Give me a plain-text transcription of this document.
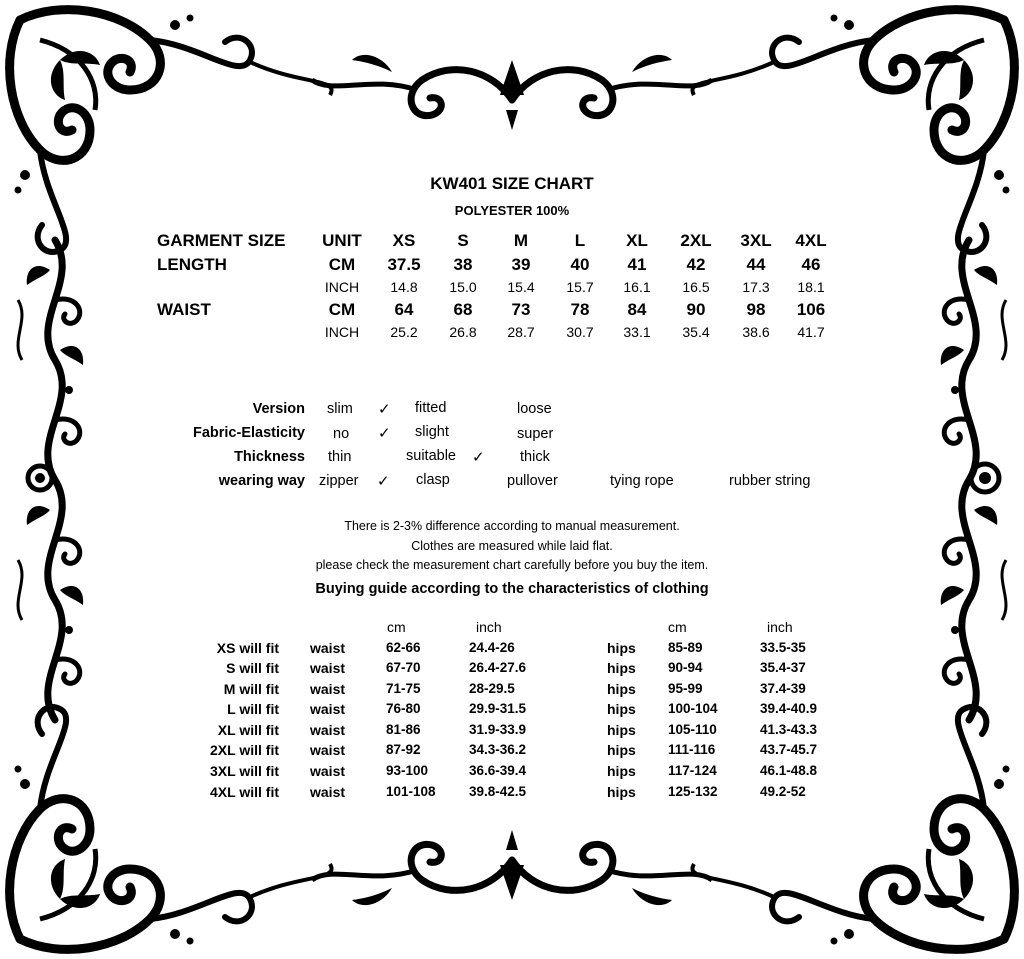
KW401 SIZE CHART
POLYESTER 100%
GARMENT SIZE	UNIT	XS	S	M	L	XL	2XL	3XL	4XL
LENGTH	CM	37.5	38	39	40	41	42	44	46
INCH	14.8	15.0	15.4	15.7	16.1	16.5	17.3	18.1
WAIST	CM	64	68	73	78	84	90	98	106
INCH	25.2	26.8	28.7	30.7	33.1	35.4	38.6	41.7
Version slim ✓ fitted	loose
Fabric-Elasticity no ✓ slight	super
Thickness thin	suitable ✓ thick
wearing way zipper ✓ clasp	pullover	tying rope	rubber string
There is 2-3% difference according to manual measurement.
Clothes are measured while laid flat.
please check the measurement chart carefully before you buy the item.
Buying guide according to the characteristics of clothing
cm	inch	cm	inch
XS will fit waist	62-66	24.4-26	hips 85-89	33.5-35
S will fit waist	67-70	26.4-27.6	hips 90-94	35.4-37
M will fit waist	71-75	28-29.5	hips 95-99	37.4-39
L will fit waist	76-80	29.9-31.5	hips 100-104	39.4-40.9
XL will fit waist	81-86	31.9-33.9	hips 105-110	41.3-43.3
2XL will fit waist	87-92	34.3-36.2	hips 111-116	43.7-45.7
3XL will fit waist	93-100	36.6-39.4	hips 117-124	46.1-48.8
4XL will fit waist	101-108 39.8-42.5	hips 125-132	49.2-52
